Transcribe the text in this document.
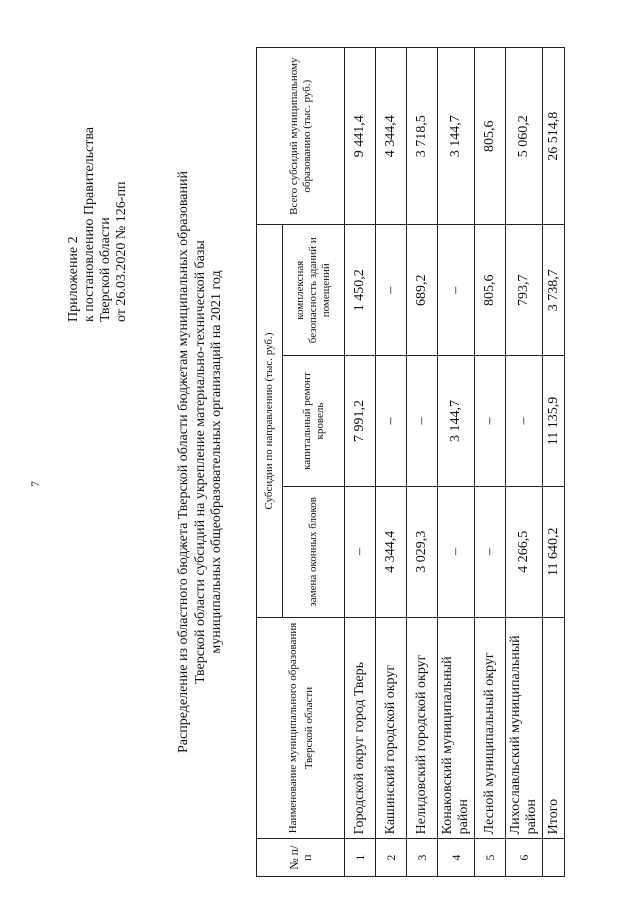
7
Приложение 2 к постановлению Правительства Тверской области от 26.03.2020 № 126-пп	Распределение из областного бюджета Тверской области бюджетам муниципальных образований Тверской области субсидий на укрепление материально-технической базы муниципальных общеобразовательных организаций на 2021 год
№ п/п	Наименование муниципального образования Тверской области	Субсидии по направлению (тыс. руб.)			Всего субсидий муниципальному образованию (тыс. руб.)
		замена оконных блоков	капитальный ремонт кровель	комплексная безопасность зданий и помещений	
1	Городской округ город Тверь	–	7 991,2	1 450,2	9 441,4
2	Кашинский городской округ	4 344,4	–	–	4 344,4
3	Нелидовский городской округ	3 029,3	–	689,2	3 718,5
4	Конаковский муниципальный район	–	3 144,7	–	3 144,7
5	Лесной муниципальный округ	–	–	805,6	805,6
6	Лихославльский муниципальный район	4 266,5	–	793,7	5 060,2
	Итого	11 640,2	11 135,9	3 738,7	26 514,8
